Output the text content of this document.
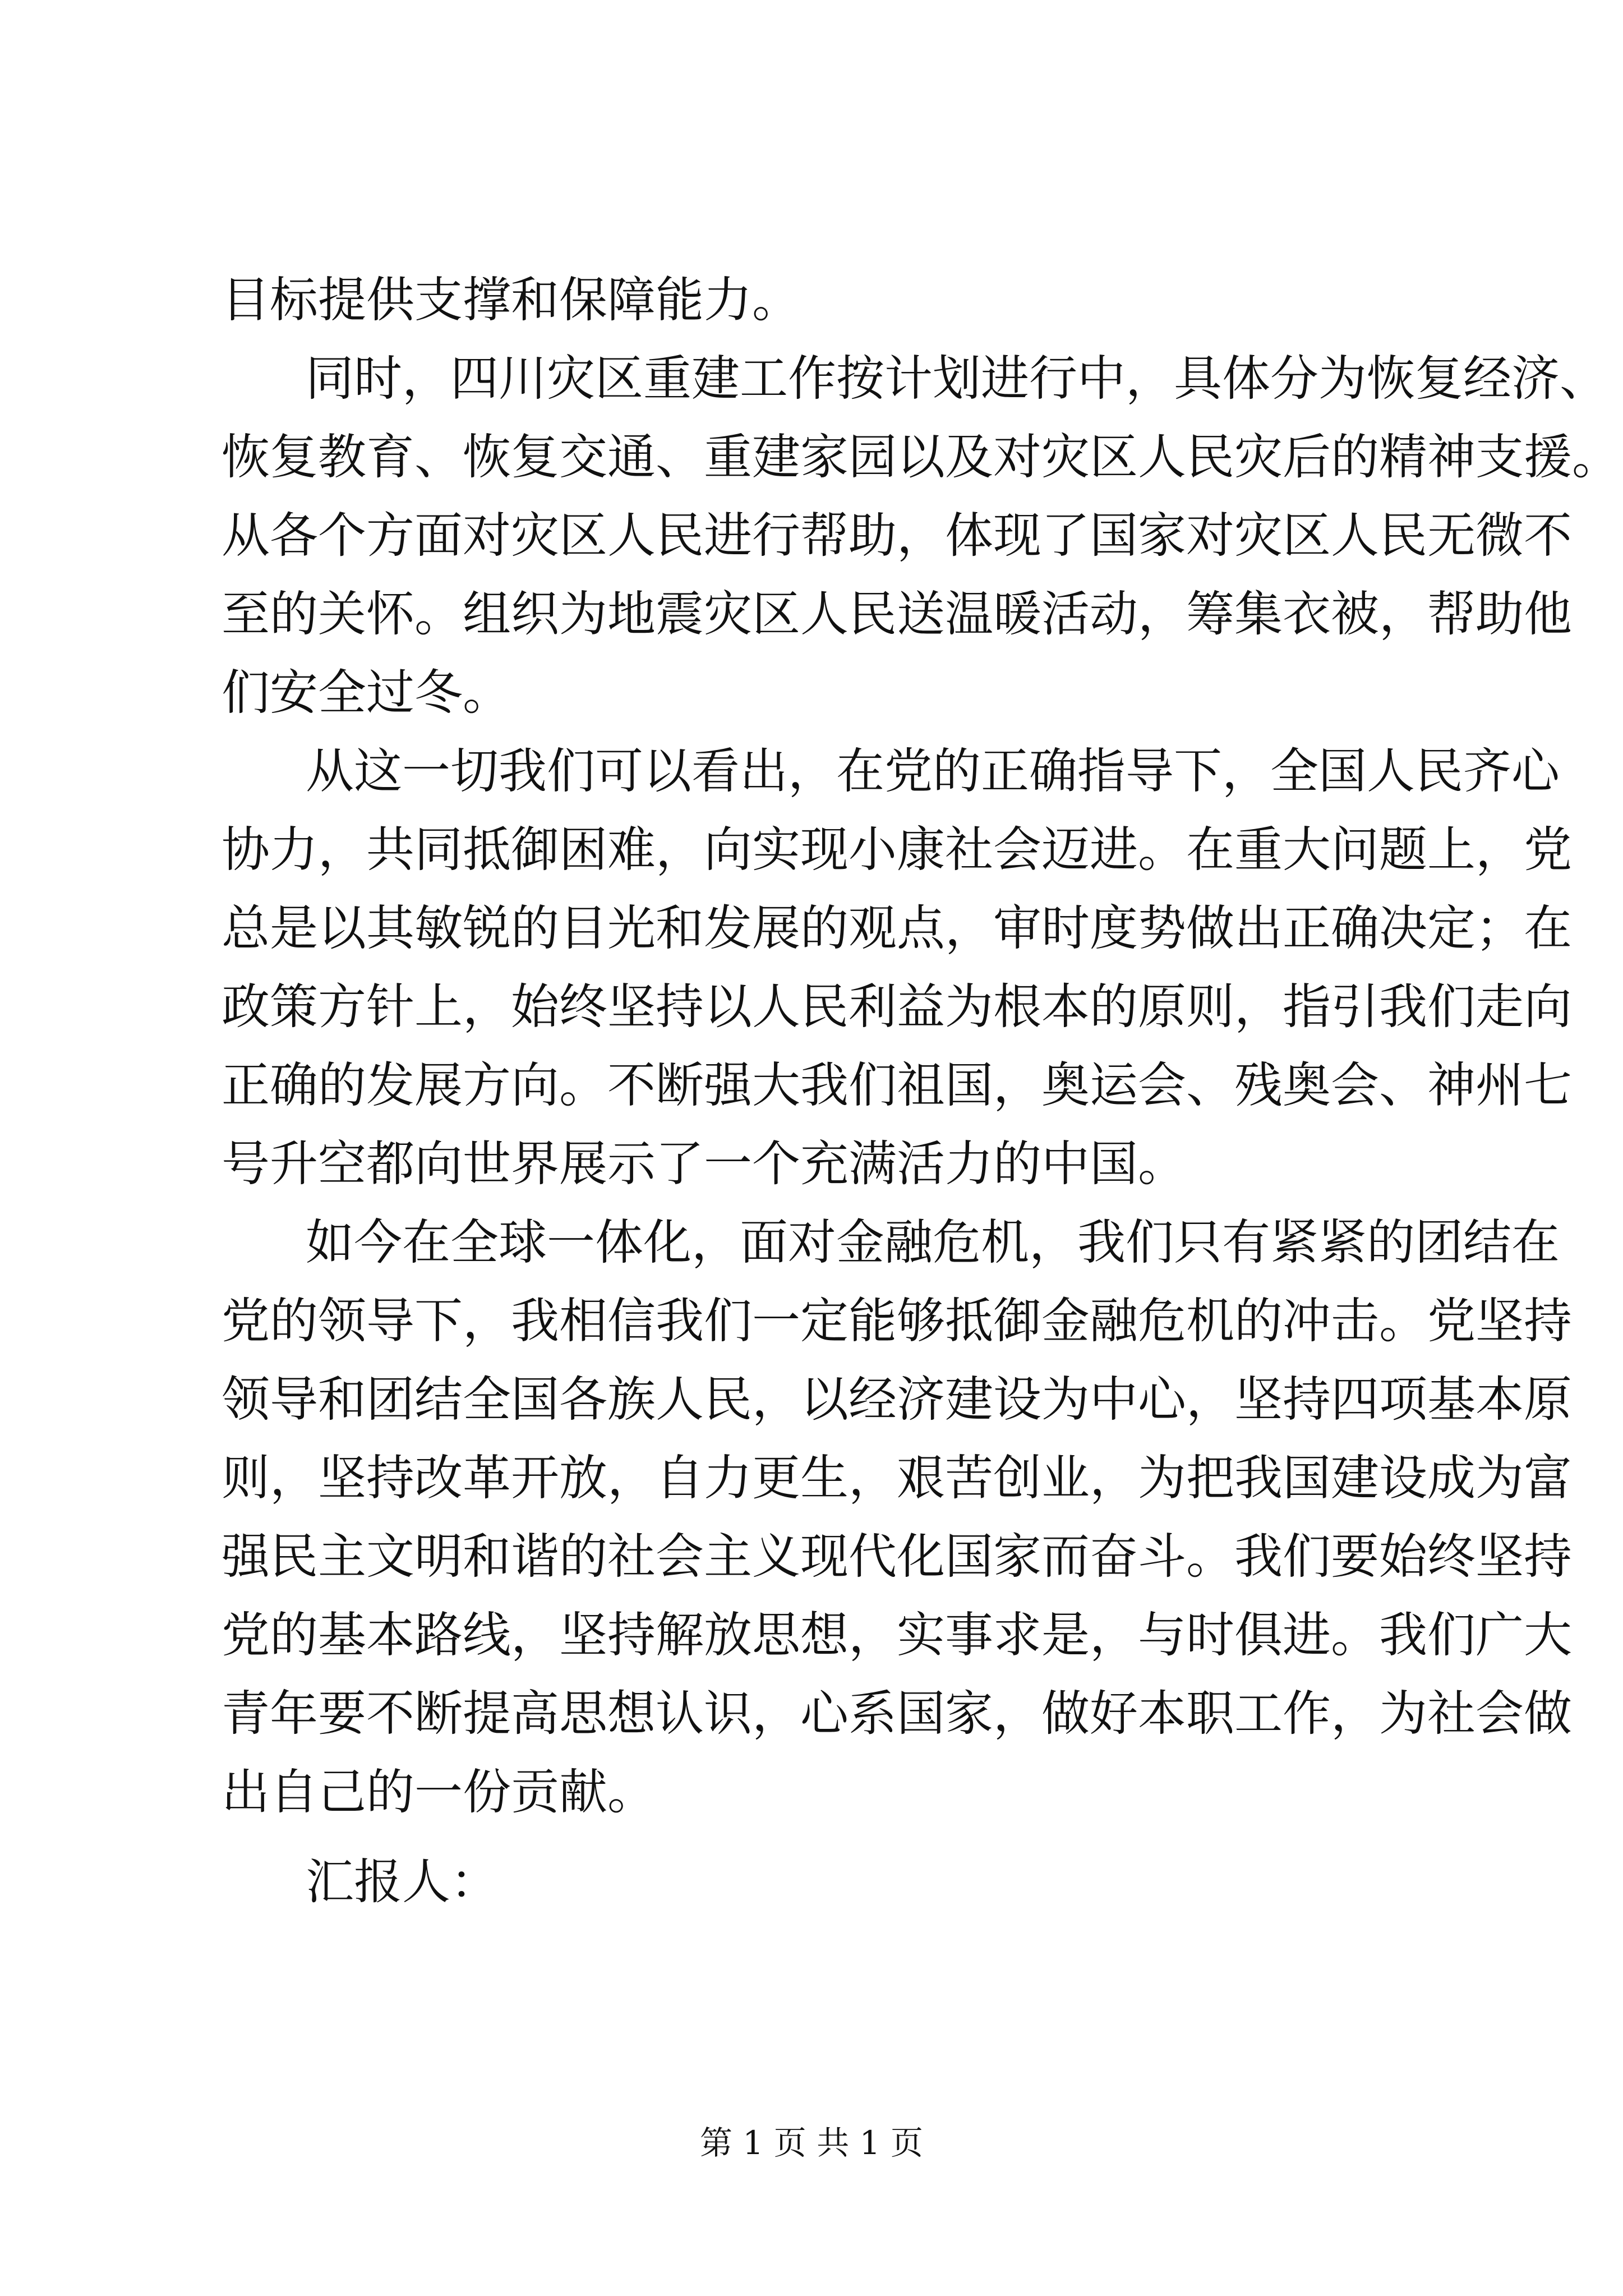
目标提供支撑和保障能力。
同时，四川灾区重建工作按计划进行中，具体分为恢复经济、
恢复教育、恢复交通、重建家园以及对灾区人民灾后的精神支援。
从各个方面对灾区人民进行帮助，体现了国家对灾区人民无微不
至的关怀。组织为地震灾区人民送温暖活动，筹集衣被，帮助他
们安全过冬。
从这一切我们可以看出，在党的正确指导下，全国人民齐心
协力，共同抵御困难，向实现小康社会迈进。在重大问题上，党
总是以其敏锐的目光和发展的观点，审时度势做出正确决定；在
政策方针上，始终坚持以人民利益为根本的原则，指引我们走向
正确的发展方向。不断强大我们祖国，奥运会、残奥会、神州七
号升空都向世界展示了一个充满活力的中国。
如今在全球一体化，面对金融危机，我们只有紧紧的团结在
党的领导下，我相信我们一定能够抵御金融危机的冲击。党坚持
领导和团结全国各族人民，以经济建设为中心，坚持四项基本原
则，坚持改革开放，自力更生，艰苦创业，为把我国建设成为富
强民主文明和谐的社会主义现代化国家而奋斗。我们要始终坚持
党的基本路线，坚持解放思想，实事求是，与时俱进。我们广大
青年要不断提高思想认识，心系国家，做好本职工作，为社会做
出自己的一份贡献。
汇报人：
第 1 页 共 1 页
